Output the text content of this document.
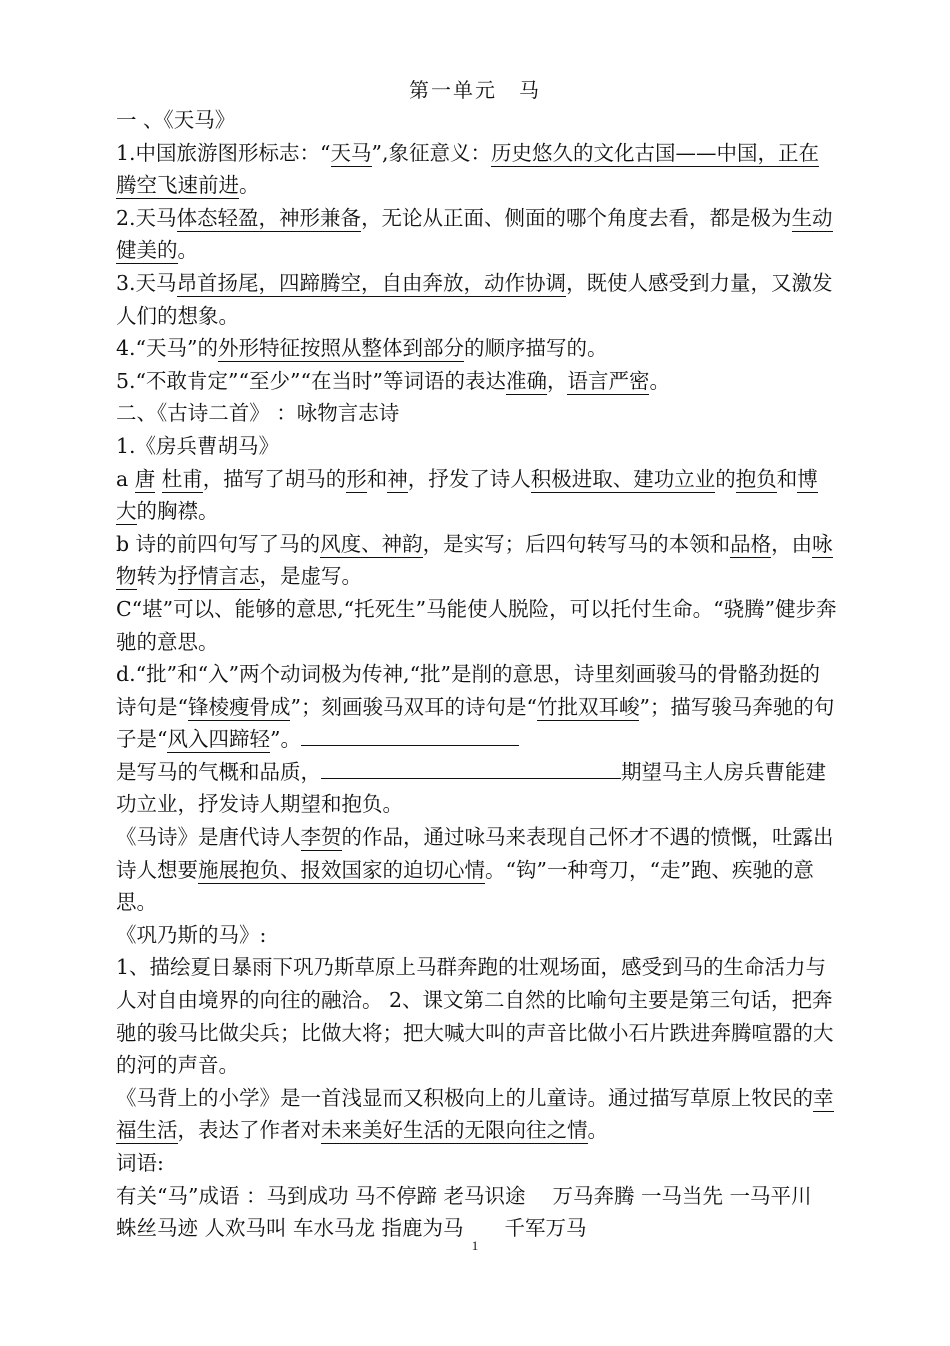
第一单元　马

一 、《天马》

1.中国旅游图形标志：“天马”,象征意义：历史悠久的文化古国——中国，正在腾空飞速前进。

2.天马体态轻盈，神形兼备，无论从正面、侧面的哪个角度去看，都是极为生动健美的。

3.天马昂首扬尾，四蹄腾空，自由奔放，动作协调，既使人感受到力量，又激发人们的想象。

4.“天马”的外形特征按照从整体到部分的顺序描写的。

5.“不敢肯定”“至少”“在当时”等词语的表达准确，语言严密。

二、《古诗二首》 ：咏物言志诗

1.《房兵曹胡马》

a 唐 杜甫，描写了胡马的形和神，抒发了诗人积极进取、建功立业的抱负和博大的胸襟。

b 诗的前四句写了马的风度、神韵，是实写；后四句转写马的本领和品格，由咏物转为抒情言志，是虚写。

C“堪”可以、能够的意思,“托死生”马能使人脱险，可以托付生命。“骁腾”健步奔驰的意思。

d.“批”和“入”两个动词极为传神,“批”是削的意思，诗里刻画骏马的骨骼劲挺的诗句是“锋棱瘦骨成”；刻画骏马双耳的诗句是“竹批双耳峻”；描写骏马奔驰的句子是“风入四蹄轻”。

是写马的气概和品质，	期望马主人房兵曹能建功立业，抒发诗人期望和抱负。

《马诗》是唐代诗人李贺的作品，通过咏马来表现自己怀才不遇的愤慨，吐露出诗人想要施展抱负、报效国家的迫切心情。“钩”一种弯刀，“走”跑、疾驰的意思。

《巩乃斯的马》:

1、描绘夏日暴雨下巩乃斯草原上马群奔跑的壮观场面，感受到马的生命活力与人对自由境界的向往的融洽。 2、课文第二自然的比喻句主要是第三句话，把奔驰的骏马比做尖兵；比做大将；把大喊大叫的声音比做小石片跌进奔腾喧嚣的大的河的声音。

《马背上的小学》是一首浅显而又积极向上的儿童诗。通过描写草原上牧民的幸福生活，表达了作者对未来美好生活的无限向往之情。

词语:

有关“马”成语 ：马到成功 马不停蹄 老马识途　 万马奔腾 一马当先 一马平川　 蛛丝马迹 人欢马叫 车水马龙 指鹿为马　　千军万马

1
